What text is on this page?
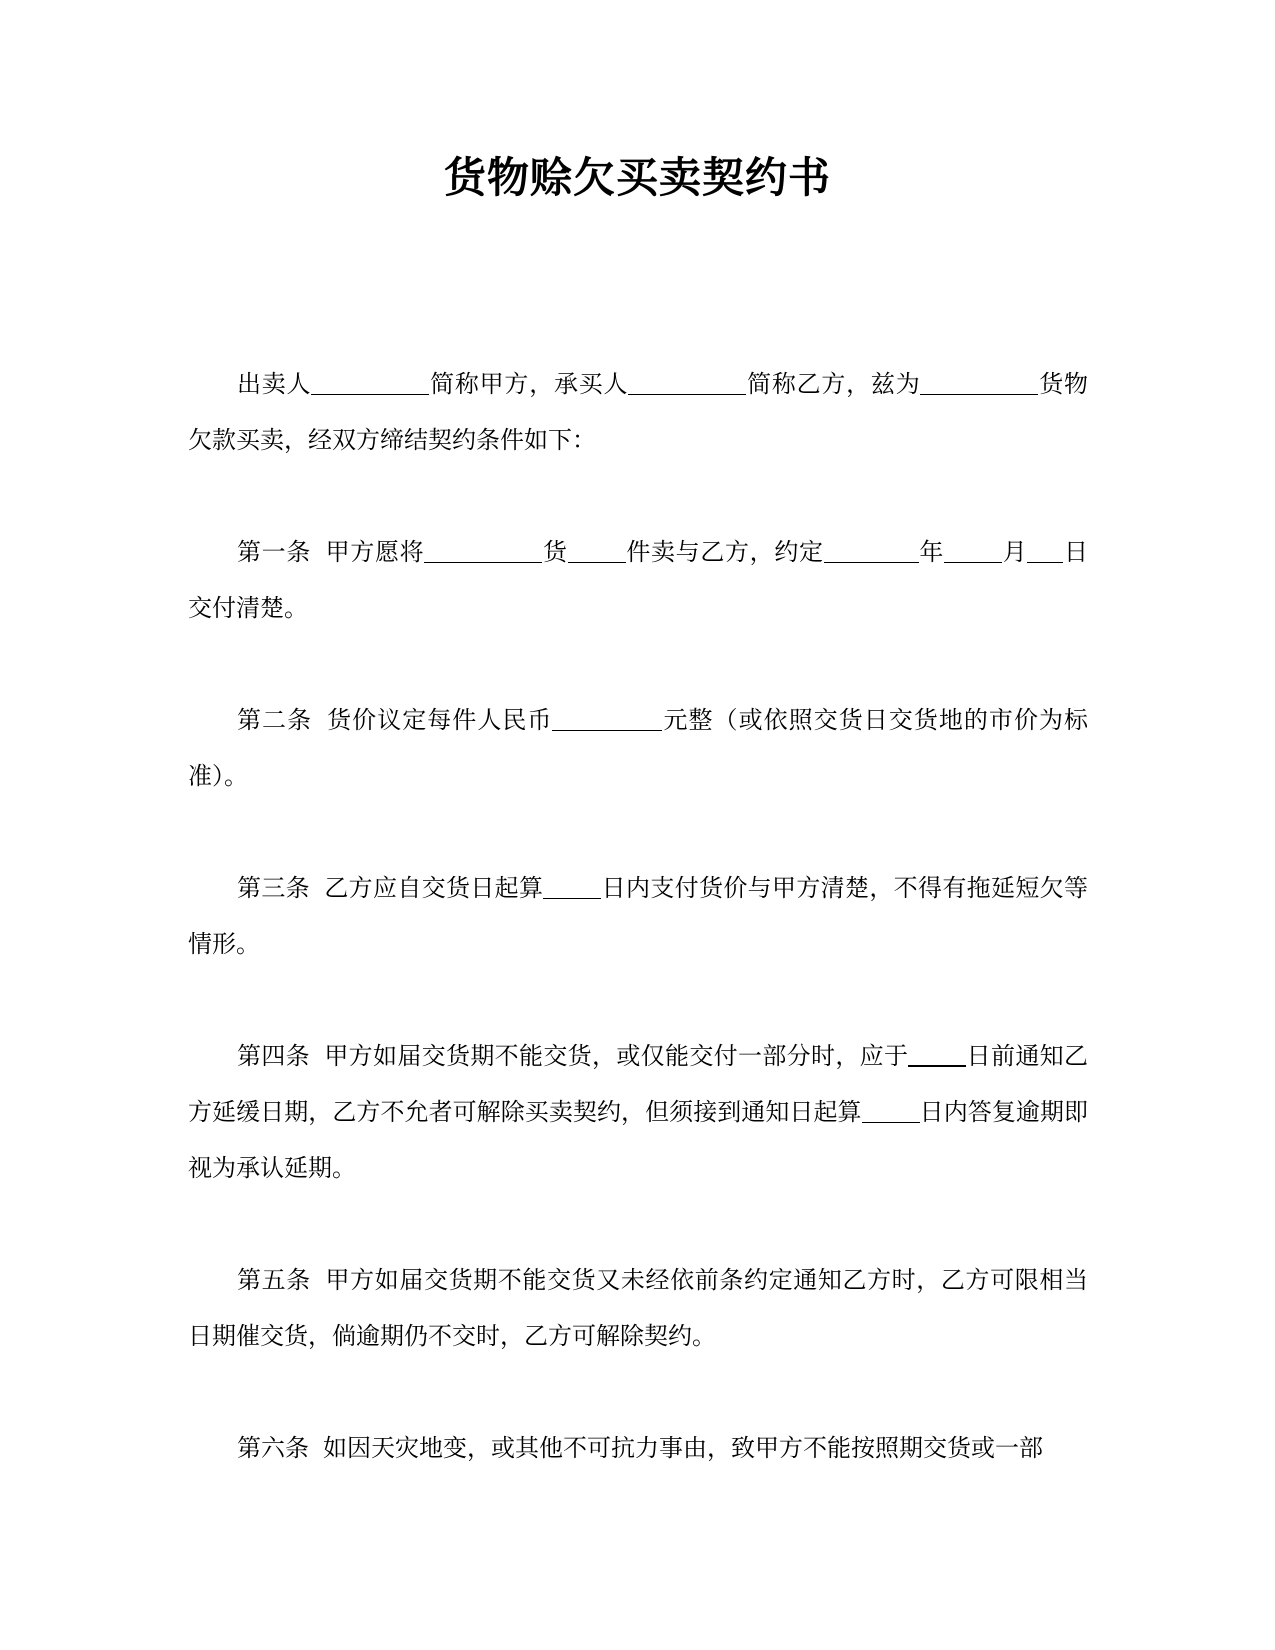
货物赊欠买卖契约书

出卖人	简称甲方，承买人	简称乙方，兹为	货物欠款买卖，经双方缔结契约条件如下：

第一条 甲方愿将	货 件卖与乙方，约定	年 月 日交付清楚。

第二条 货价议定每件人民币	元整（或依照交货日交货地的市价为标准）。

第三条 乙方应自交货日起算 日内支付货价与甲方清楚，不得有拖延短欠等情形。

第四条 甲方如届交货期不能交货，或仅能交付一部分时，应于 日前通知乙方延缓日期，乙方不允者可解除买卖契约，但须接到通知日起算 日内答复逾期即视为承认延期。

第五条 甲方如届交货期不能交货又未经依前条约定通知乙方时，乙方可限相当日期催交货，倘逾期仍不交时，乙方可解除契约。

第六条 如因天灾地变，或其他不可抗力事由，致甲方不能按照期交货或一部
